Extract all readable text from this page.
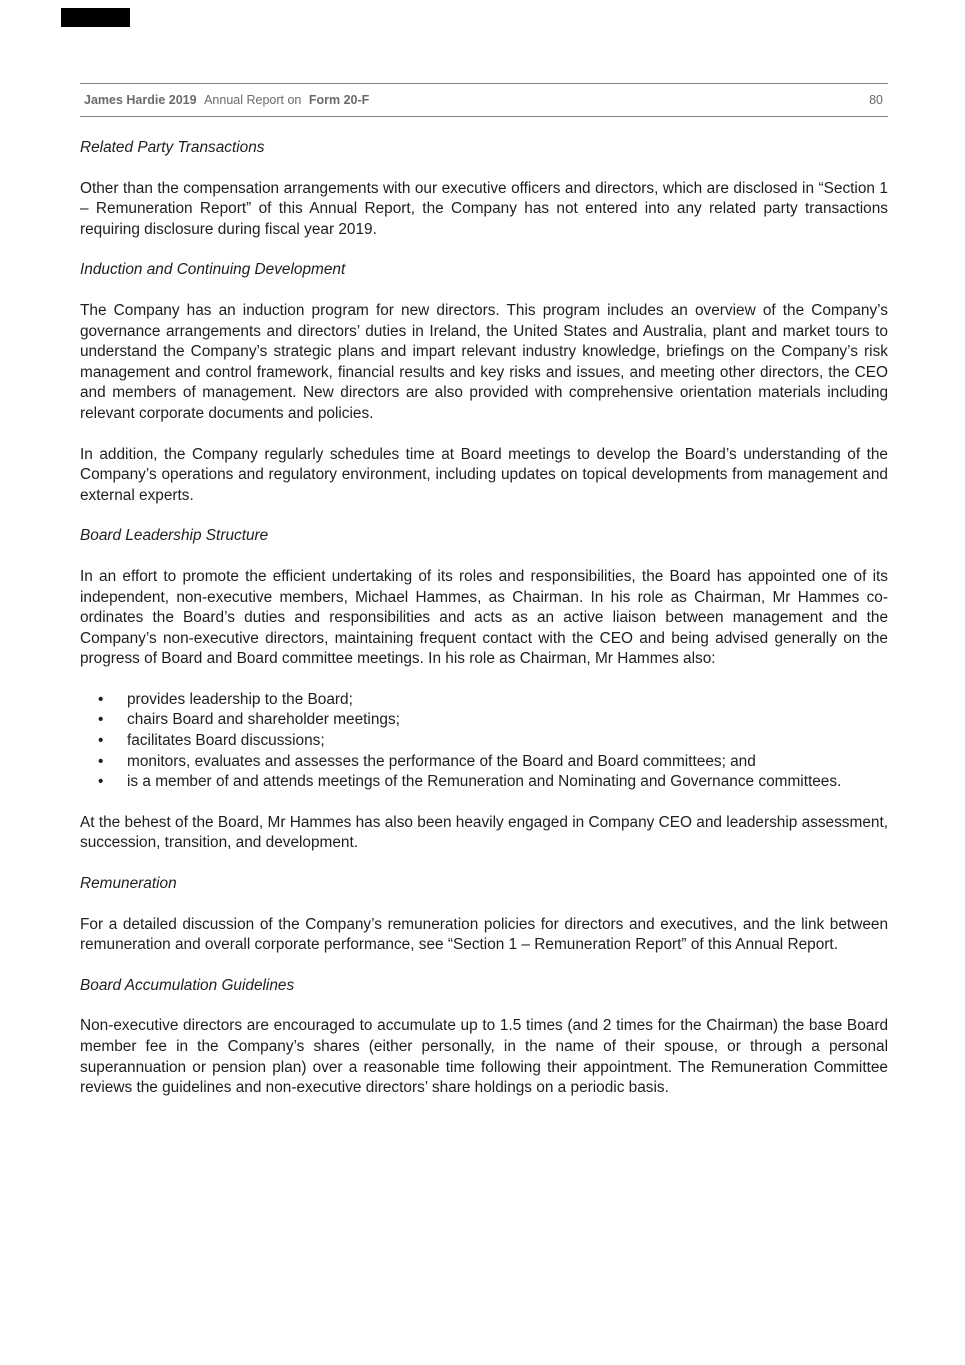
James Hardie 2019 Annual Report on Form 20-F	80
Related Party Transactions

Other than the compensation arrangements with our executive officers and directors, which are disclosed in “Section 1 – Remuneration Report” of this Annual Report, the Company has not entered into any related party transactions requiring disclosure during fiscal year 2019.

Induction and Continuing Development

The Company has an induction program for new directors. This program includes an overview of the Company’s governance arrangements and directors’ duties in Ireland, the United States and Australia, plant and market tours to understand the Company’s strategic plans and impart relevant industry knowledge, briefings on the Company’s risk management and control framework, financial results and key risks and issues, and meeting other directors, the CEO and members of management. New directors are also provided with comprehensive orientation materials including relevant corporate documents and policies.

In addition, the Company regularly schedules time at Board meetings to develop the Board’s understanding of the Company’s operations and regulatory environment, including updates on topical developments from management and external experts.

Board Leadership Structure

In an effort to promote the efficient undertaking of its roles and responsibilities, the Board has appointed one of its independent, non-executive members, Michael Hammes, as Chairman. In his role as Chairman, Mr Hammes co-ordinates the Board’s duties and responsibilities and acts as an active liaison between management and the Company’s non-executive directors, maintaining frequent contact with the CEO and being advised generally on the progress of Board and Board committee meetings. In his role as Chairman, Mr Hammes also:

• provides leadership to the Board;
• chairs Board and shareholder meetings;
• facilitates Board discussions;
• monitors, evaluates and assesses the performance of the Board and Board committees; and
• is a member of and attends meetings of the Remuneration and Nominating and Governance committees.

At the behest of the Board, Mr Hammes has also been heavily engaged in Company CEO and leadership assessment, succession, transition, and development.

Remuneration

For a detailed discussion of the Company’s remuneration policies for directors and executives, and the link between remuneration and overall corporate performance, see “Section 1 – Remuneration Report” of this Annual Report.

Board Accumulation Guidelines

Non-executive directors are encouraged to accumulate up to 1.5 times (and 2 times for the Chairman) the base Board member fee in the Company’s shares (either personally, in the name of their spouse, or through a personal superannuation or pension plan) over a reasonable time following their appointment. The Remuneration Committee reviews the guidelines and non-executive directors’ share holdings on a periodic basis.
